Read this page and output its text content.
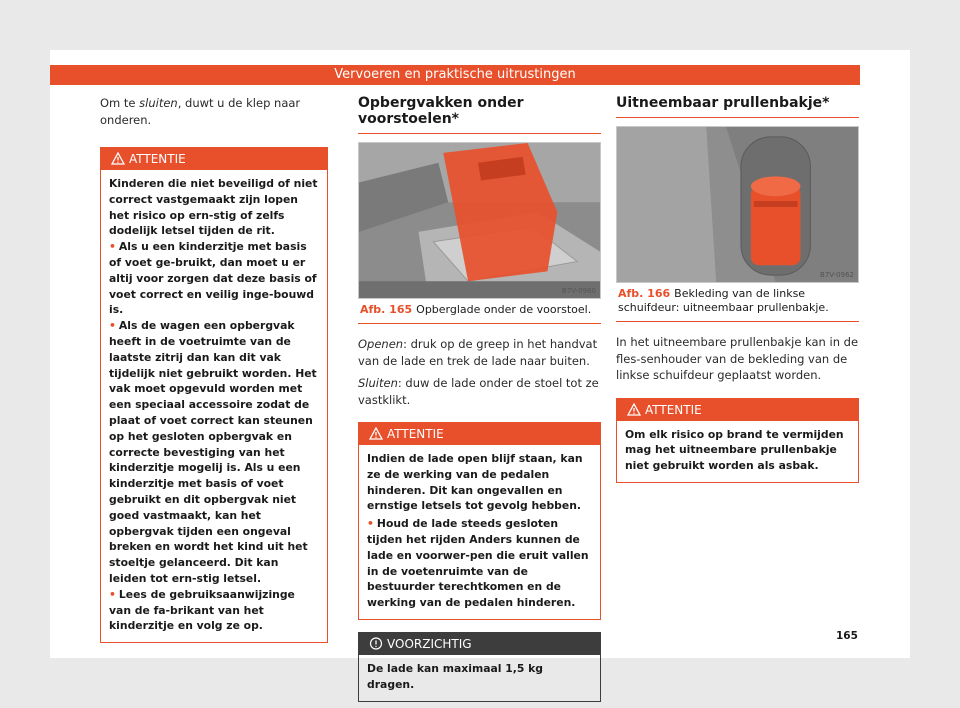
Vervoeren en praktische uitrustingen

Om te sluiten, duwt u de klep naar onderen.

ATTENTIE

Kinderen die niet beveiligd of niet correct vastgemaakt zijn lopen het risico op ern-stig of zelfs dodelijk letsel tijden de rit.

• Als u een kinderzitje met basis of voet ge-bruikt, dan moet u er altij voor zorgen dat deze basis of voet correct en veilig inge-bouwd is.

• Als de wagen een opbergvak heeft in de voetruimte van de laatste zitrij dan kan dit vak tijdelijk niet gebruikt worden. Het vak moet opgevuld worden met een speciaal accessoire zodat de plaat of voet correct kan steunen op het gesloten opbergvak en correcte bevestiging van het kinderzitje mogelij is. Als u een kinderzitje met basis of voet gebruikt en dit opbergvak niet goed vastmaakt, kan het opbergvak tijden een ongeval breken en wordt het kind uit het stoeltje gelanceerd. Dit kan leiden tot ern-stig letsel.

• Lees de gebruiksaanwijzinge van de fa-brikant van het kinderzitje en volg ze op.

Opbergvakken onder voorstoelen*
B7V-0960

Afb. 165 Opberglade onder de voorstoel.

Openen: druk op de greep in het handvat van de lade en trek de lade naar buiten.

Sluiten: duw de lade onder de stoel tot ze vastklikt.

ATTENTIE

Indien de lade open blijf staan, kan ze de werking van de pedalen hinderen. Dit kan ongevallen en ernstige letsels tot gevolg hebben.

• Houd de lade steeds gesloten tijden het rijden Anders kunnen de lade en voorwer-pen die eruit vallen in de voetenruimte van de bestuurder terechtkomen en de werking van de pedalen hinderen.

VOORZICHTIG

De lade kan maximaal 1,5 kg dragen.

Uitneembaar prullenbakje*
B7V-0962

Afb. 166 Bekleding van de linkse schuifdeur: uitneembaar prullenbakje.

In het uitneembare prullenbakje kan in de fles-senhouder van de bekleding van de linkse schuifdeur geplaatst worden.

ATTENTIE

Om elk risico op brand te vermijden mag het uitneembare prullenbakje niet gebruikt worden als asbak.

165
